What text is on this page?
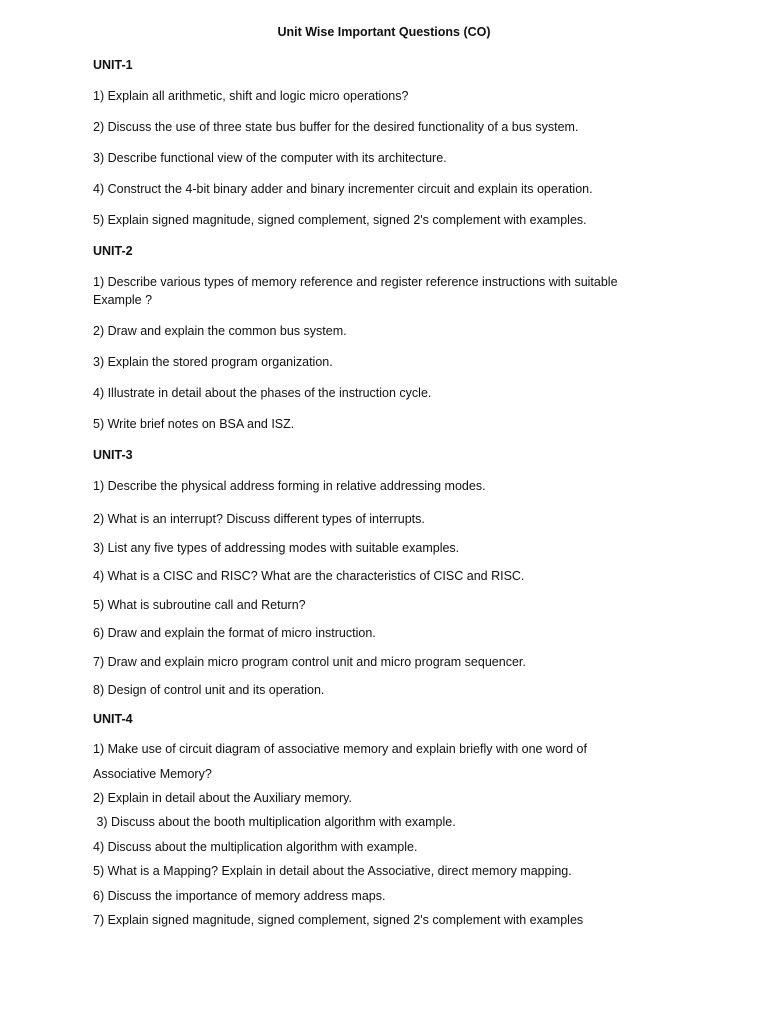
Unit Wise Important Questions (CO)
UNIT-1
1) Explain all arithmetic, shift and logic micro operations?
2) Discuss the use of three state bus buffer for the desired functionality of a bus system.
3) Describe functional view of the computer with its architecture.
4) Construct the 4-bit binary adder and binary incrementer circuit and explain its operation.
5) Explain signed magnitude, signed complement, signed 2's complement with examples.
UNIT-2
1) Describe various types of memory reference and register reference instructions with suitable Example ?
2) Draw and explain the common bus system.
3) Explain the stored program organization.
4) Illustrate in detail about the phases of the instruction cycle.
5) Write brief notes on BSA and ISZ.
UNIT-3
1) Describe the physical address forming in relative addressing modes.
2) What is an interrupt? Discuss different types of interrupts.
3) List any five types of addressing modes with suitable examples.
4) What is a CISC and RISC? What are the characteristics of CISC and RISC.
5) What is subroutine call and Return?
6) Draw and explain the format of micro instruction.
7) Draw and explain micro program control unit and micro program sequencer.
8) Design of control unit and its operation.
UNIT-4
1) Make use of circuit diagram of associative memory and explain briefly with one word of
Associative Memory?
2) Explain in detail about the Auxiliary memory.
3) Discuss about the booth multiplication algorithm with example.
4) Discuss about the multiplication algorithm with example.
5) What is a Mapping? Explain in detail about the Associative, direct memory mapping.
6) Discuss the importance of memory address maps.
7) Explain signed magnitude, signed complement, signed 2's complement with examples
